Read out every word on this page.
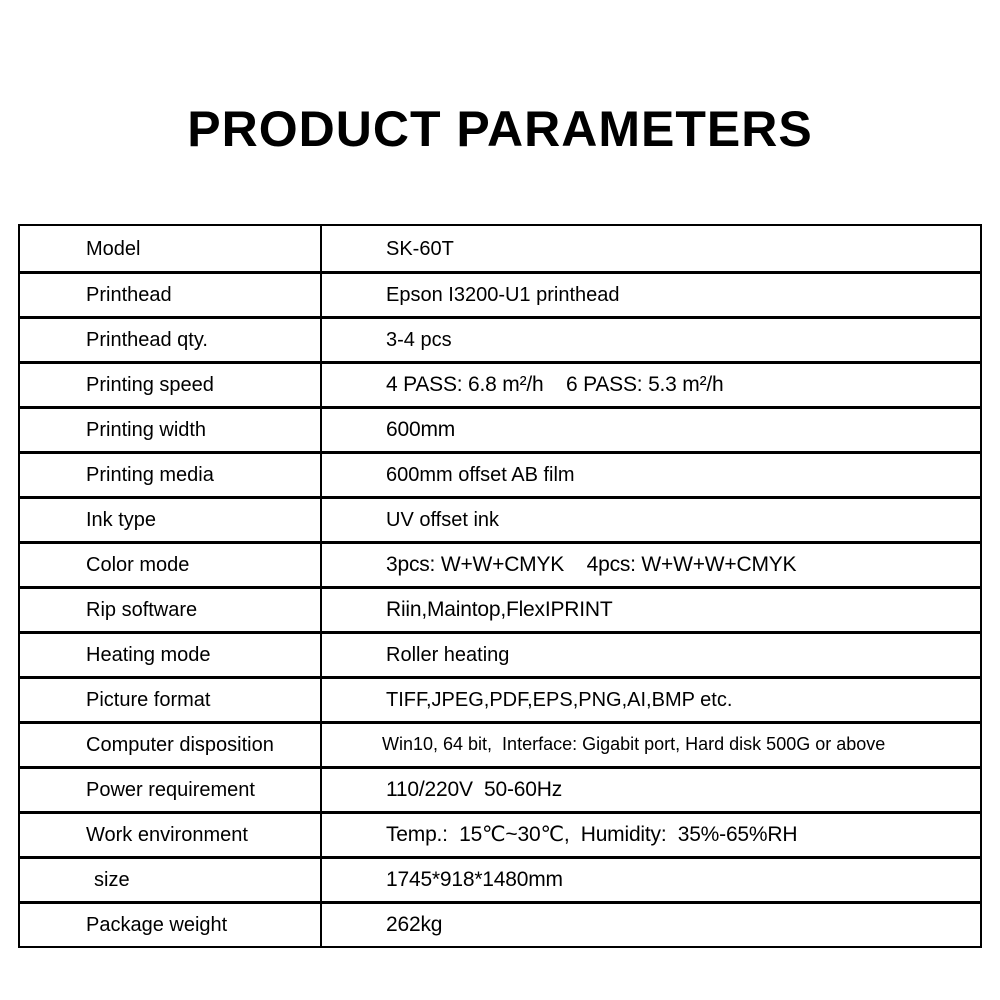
PRODUCT PARAMETERS
Model	SK-60T
Printhead	Epson I3200-U1 printhead
Printhead qty.	3-4 pcs
Printing speed	4 PASS: 6.8 m²/h    6 PASS: 5.3 m²/h
Printing width	600mm
Printing media	600mm offset AB film
Ink type	UV offset ink
Color mode	3pcs: W+W+CMYK    4pcs: W+W+W+CMYK
Rip software	Riin,Maintop,FlexIPRINT
Heating mode	Roller heating
Picture format	TIFF,JPEG,PDF,EPS,PNG,AI,BMP etc.
Computer disposition	Win10, 64 bit,  Interface: Gigabit port, Hard disk 500G or above
Power requirement	110/220V  50-60Hz
Work environment	Temp.:  15℃~30℃,  Humidity:  35%-65%RH
size	1745*918*1480mm
Package weight	262kg
